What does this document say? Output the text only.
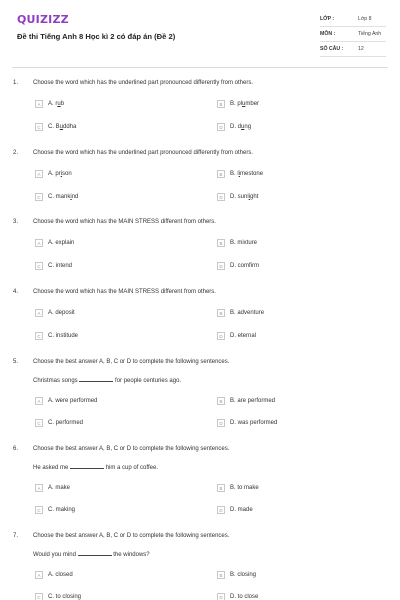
QUIZIZZ
Đề thi Tiếng Anh 8 Học kì 2 có đáp án (Đề 2)
LỚP :	Lớp 8
MÔN :	Tiếng Anh
SỐ CÂU :	12
1. Choose the word which has the underlined part pronounced differently from others.
A	A. rub	B	B. plumber
C	C. Buddha	D	D. dung
2. Choose the word which has the underlined part pronounced differently from others.
A	A. prison	B	B. limestone
C	C. mankind	D	D. sunlight
3. Choose the word which has the MAIN STRESS different from others.
A	A. explain	B	B. mixture
C	C. intend	D	D. comfirm
4. Choose the word which has the MAIN STRESS different from others.
A	A. deposit	B	B. adventure
C	C. institude	D	D. eternal
5. Choose the best answer A, B, C or D to complete the following sentences.
Christmas songs	for people centuries ago.
A	A. were performed	B	B. are performed
C	C. performed	D	D. was performed
6. Choose the best answer A, B, C or D to complete the following sentences.
He asked me	him a cup of coffee.
A	A. make	B	B. to make
C	C. making	D	D. made
7. Choose the best answer A, B, C or D to complete the following sentences.
Would you mind	the windows?
A	A. closed	B	B. closing
C	C. to closing	D	D. to close
